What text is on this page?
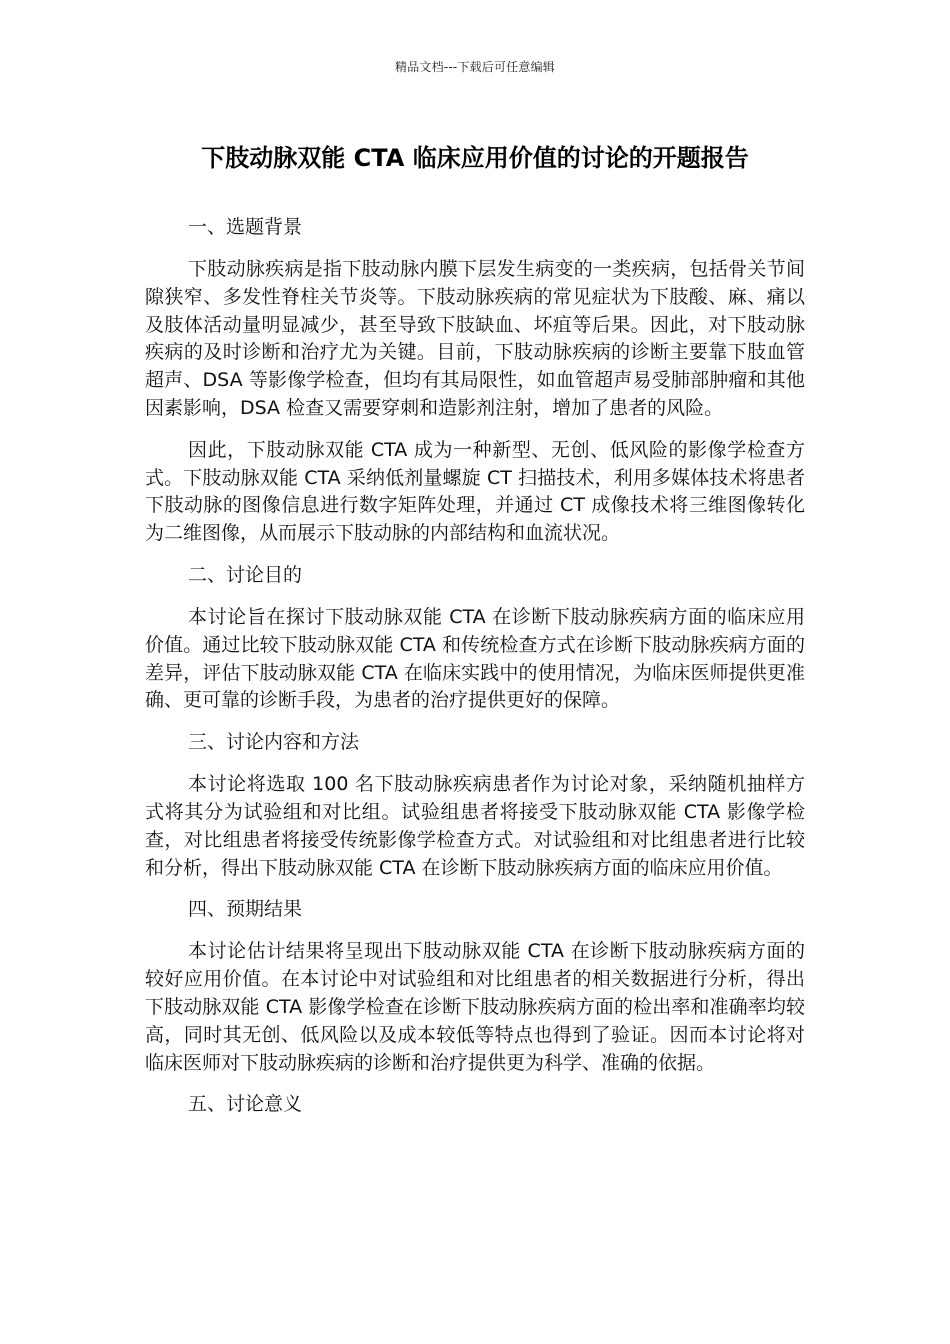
精品文档---下载后可任意编辑
下肢动脉双能 CTA 临床应用价值的讨论的开题报告
一、选题背景

下肢动脉疾病是指下肢动脉内膜下层发生病变的一类疾病，包括骨关节间隙狭窄、多发性脊柱关节炎等。下肢动脉疾病的常见症状为下肢酸、麻、痛以及肢体活动量明显减少，甚至导致下肢缺血、坏疽等后果。因此，对下肢动脉疾病的及时诊断和治疗尤为关键。目前，下肢动脉疾病的诊断主要靠下肢血管超声、DSA 等影像学检查，但均有其局限性，如血管超声易受肺部肿瘤和其他因素影响，DSA 检查又需要穿刺和造影剂注射，增加了患者的风险。

因此，下肢动脉双能 CTA 成为一种新型、无创、低风险的影像学检查方式。下肢动脉双能 CTA 采纳低剂量螺旋 CT 扫描技术，利用多媒体技术将患者下肢动脉的图像信息进行数字矩阵处理，并通过 CT 成像技术将三维图像转化为二维图像，从而展示下肢动脉的内部结构和血流状况。

二、讨论目的

本讨论旨在探讨下肢动脉双能 CTA 在诊断下肢动脉疾病方面的临床应用价值。通过比较下肢动脉双能 CTA 和传统检查方式在诊断下肢动脉疾病方面的差异，评估下肢动脉双能 CTA 在临床实践中的使用情况，为临床医师提供更准确、更可靠的诊断手段，为患者的治疗提供更好的保障。

三、讨论内容和方法

本讨论将选取 100 名下肢动脉疾病患者作为讨论对象，采纳随机抽样方式将其分为试验组和对比组。试验组患者将接受下肢动脉双能 CTA 影像学检查，对比组患者将接受传统影像学检查方式。对试验组和对比组患者进行比较和分析，得出下肢动脉双能 CTA 在诊断下肢动脉疾病方面的临床应用价值。

四、预期结果

本讨论估计结果将呈现出下肢动脉双能 CTA 在诊断下肢动脉疾病方面的较好应用价值。在本讨论中对试验组和对比组患者的相关数据进行分析，得出下肢动脉双能 CTA 影像学检查在诊断下肢动脉疾病方面的检出率和准确率均较高，同时其无创、低风险以及成本较低等特点也得到了验证。因而本讨论将对临床医师对下肢动脉疾病的诊断和治疗提供更为科学、准确的依据。

五、讨论意义
